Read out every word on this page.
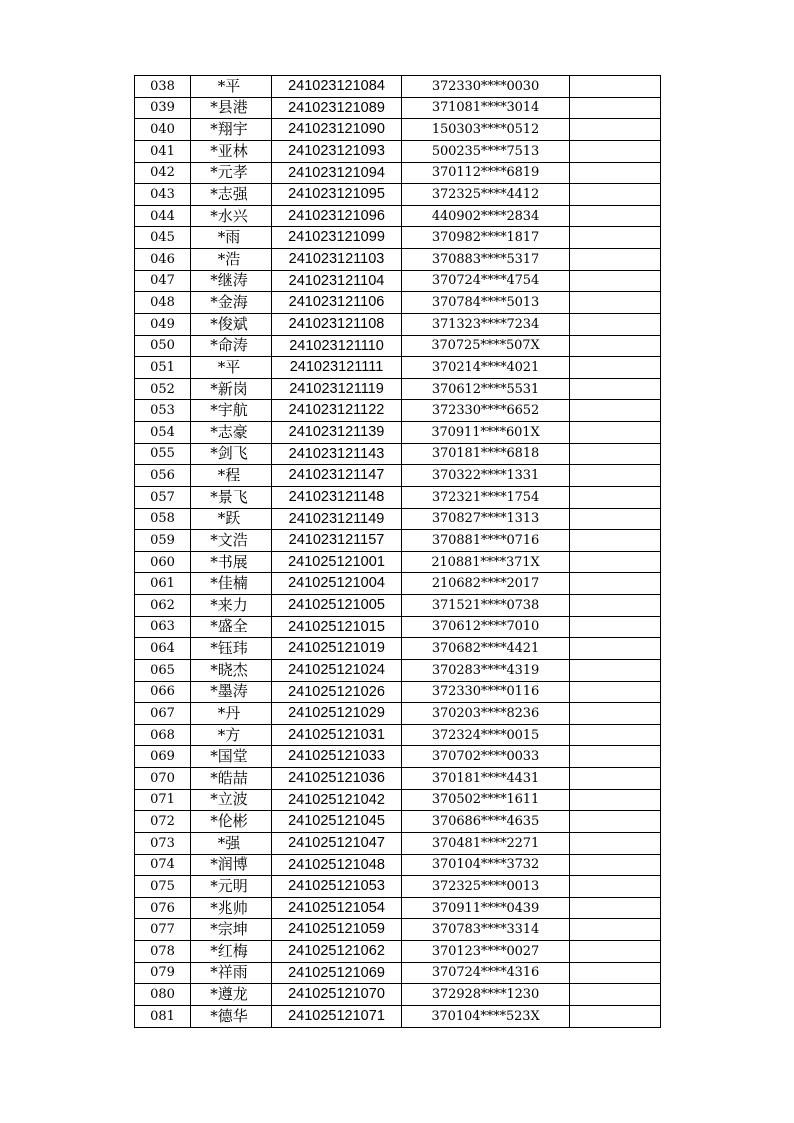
038	*平	241023121084	372330****0030	
039	*县港	241023121089	371081****3014	
040	*翔宇	241023121090	150303****0512	
041	*亚林	241023121093	500235****7513	
042	*元孝	241023121094	370112****6819	
043	*志强	241023121095	372325****4412	
044	*水兴	241023121096	440902****2834	
045	*雨	241023121099	370982****1817	
046	*浩	241023121103	370883****5317	
047	*继涛	241023121104	370724****4754	
048	*金海	241023121106	370784****5013	
049	*俊斌	241023121108	371323****7234	
050	*命涛	241023121110	370725****507X	
051	*平	241023121111	370214****4021	
052	*新岗	241023121119	370612****5531	
053	*宇航	241023121122	372330****6652	
054	*志豪	241023121139	370911****601X	
055	*剑飞	241023121143	370181****6818	
056	*程	241023121147	370322****1331	
057	*景飞	241023121148	372321****1754	
058	*跃	241023121149	370827****1313	
059	*文浩	241023121157	370881****0716	
060	*书展	241025121001	210881****371X	
061	*佳楠	241025121004	210682****2017	
062	*来力	241025121005	371521****0738	
063	*盛全	241025121015	370612****7010	
064	*钰玮	241025121019	370682****4421	
065	*晓杰	241025121024	370283****4319	
066	*墨涛	241025121026	372330****0116	
067	*丹	241025121029	370203****8236	
068	*方	241025121031	372324****0015	
069	*国堂	241025121033	370702****0033	
070	*皓喆	241025121036	370181****4431	
071	*立波	241025121042	370502****1611	
072	*伦彬	241025121045	370686****4635	
073	*强	241025121047	370481****2271	
074	*润博	241025121048	370104****3732	
075	*元明	241025121053	372325****0013	
076	*兆帅	241025121054	370911****0439	
077	*宗坤	241025121059	370783****3314	
078	*红梅	241025121062	370123****0027	
079	*祥雨	241025121069	370724****4316	
080	*遵龙	241025121070	372928****1230	
081	*德华	241025121071	370104****523X	
